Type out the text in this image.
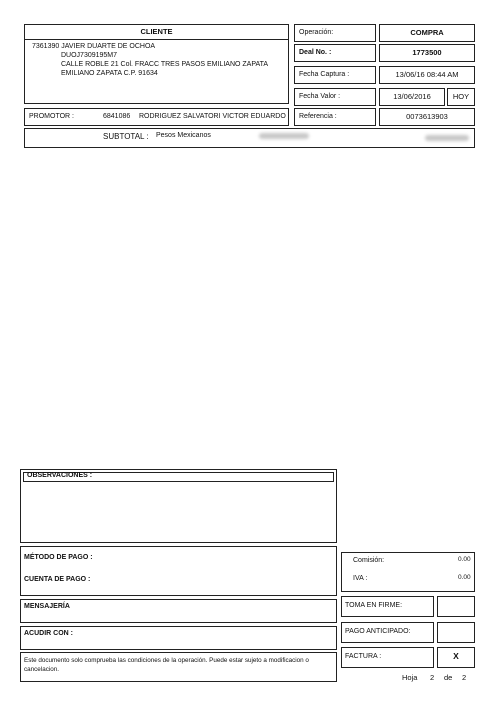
CLIENTE
7361390 JAVIER DUARTE DE OCHOA
DUOJ7309195M7
CALLE ROBLE 21 Col. FRACC TRES PASOS EMILIANO ZAPATA
EMILIANO ZAPATA C.P. 91634
Operación:	COMPRA
Deal No. :	1773500
Fecha Captura :	13/06/16 08:44 AM
Fecha Valor :	13/06/2016	HOY
Referencia :	0073613903
PROMOTOR :	6841086 RODRIGUEZ SALVATORI VICTOR EDUARDO
SUBTOTAL : Pesos Mexicanos
OBSERVACIONES :
MÉTODO DE PAGO :
CUENTA DE PAGO :
MENSAJERÍA
ACUDIR CON :
Este documento solo comprueba las condiciones de la operación. Puede estar sujeto a modificacion o
cancelacion.
Comisión:	0.00
IVA :	0.00
TOMA EN FIRME:
PAGO ANTICIPADO:
FACTURA :	X
Hoja 2 de 2
